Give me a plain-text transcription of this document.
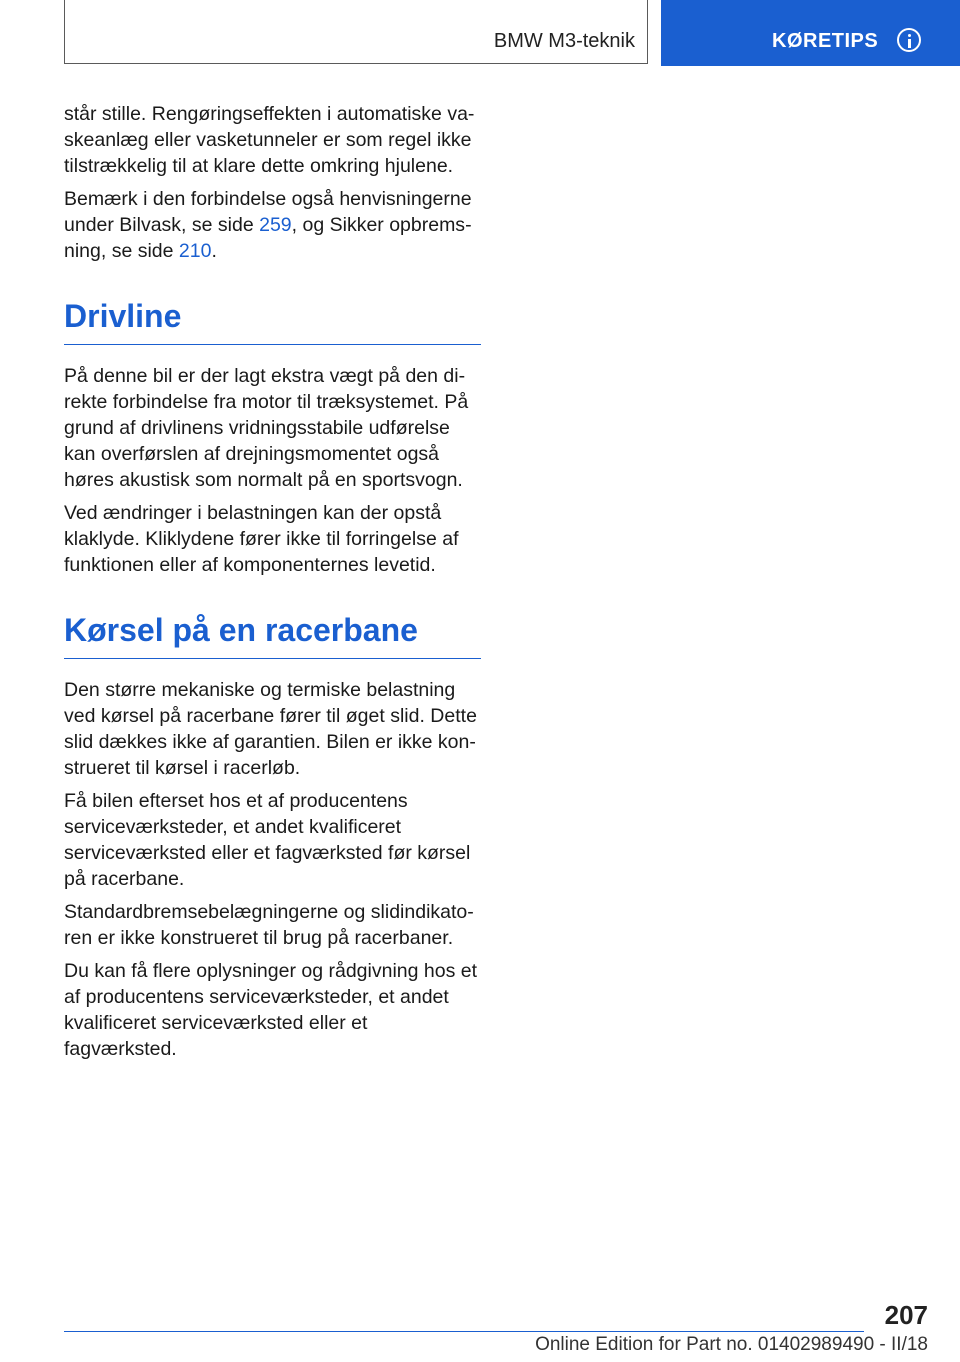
BMW M3-teknik	KØRETIPS

står stille. Rengøringseffekten i automatiske vaskeanlæg eller vasketunneler er som regel ikke tilstrækkelig til at klare dette omkring hjulene.

Bemærk i den forbindelse også henvisningerne under Bilvask, se side 259, og Sikker opbremsning, se side 210.

Drivline

På denne bil er der lagt ekstra vægt på den direkte forbindelse fra motor til træksystemet. På grund af drivlinens vridningsstabile udførelse kan overførslen af drejningsmomentet også høres akustisk som normalt på en sportsvogn.

Ved ændringer i belastningen kan der opstå klaklyde. Kliklydene fører ikke til forringelse af funktionen eller af komponenternes levetid.

Kørsel på en racerbane

Den større mekaniske og termiske belastning ved kørsel på racerbane fører til øget slid. Dette slid dækkes ikke af garantien. Bilen er ikke konstrueret til kørsel i racerløb.

Få bilen efterset hos et af producentens serviceværksteder, et andet kvalificeret serviceværksted eller et fagværksted før kørsel på racerbane.

Standardbremsebelægningerne og slidindikatoren er ikke konstrueret til brug på racerbaner.

Du kan få flere oplysninger og rådgivning hos et af producentens serviceværksteder, et andet kvalificeret serviceværksted eller et fagværksted.

207
Online Edition for Part no. 01402989490 - II/18
